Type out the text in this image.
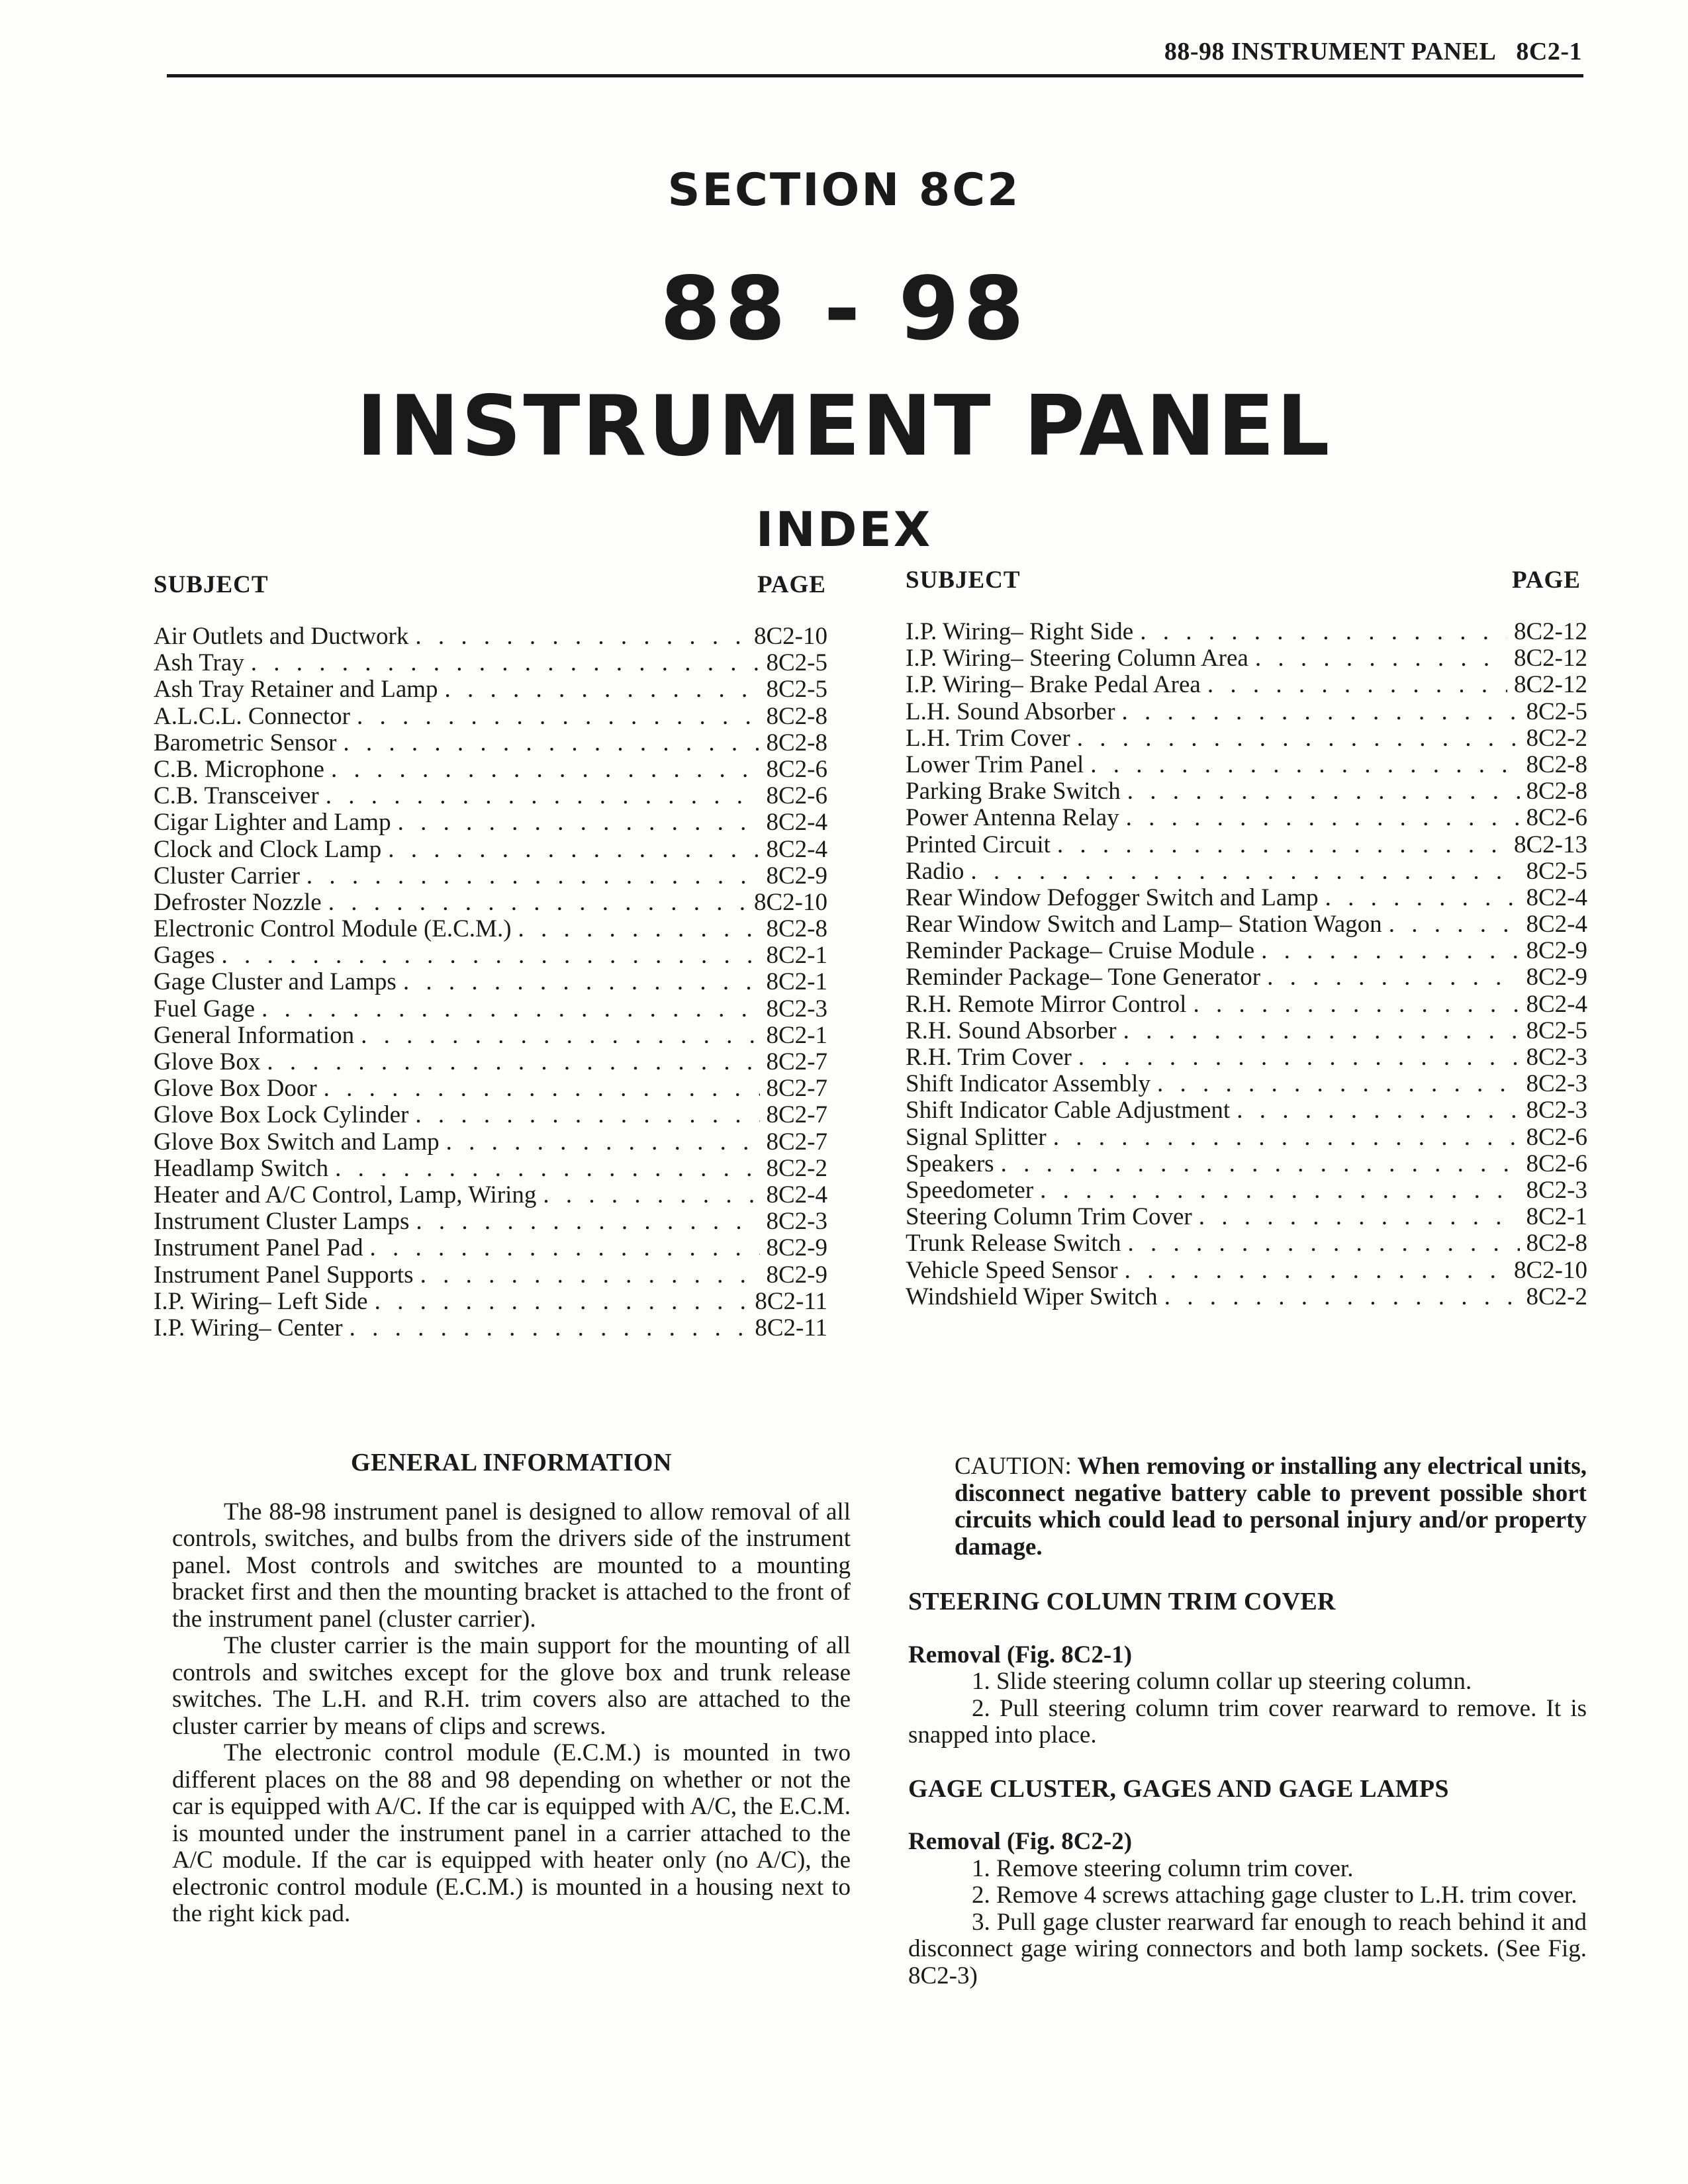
88-98 INSTRUMENT PANEL 8C2-1
SECTION 8C2
88 - 98
INSTRUMENT PANEL
INDEX
SUBJECT	PAGE
Air Outlets and Ductwork . . .	8C2-10
Ash Tray . . .	8C2-5
Ash Tray Retainer and Lamp . . .	8C2-5
A.L.C.L. Connector . . .	8C2-8
Barometric Sensor . . .	8C2-8
C.B. Microphone . . .	8C2-6
C.B. Transceiver . . .	8C2-6
Cigar Lighter and Lamp . . .	8C2-4
Clock and Clock Lamp . . .	8C2-4
Cluster Carrier . . .	8C2-9
Defroster Nozzle . . .	8C2-10
Electronic Control Module (E.C.M.) . . .	8C2-8
Gages . . .	8C2-1
Gage Cluster and Lamps . . .	8C2-1
Fuel Gage . . .	8C2-3
General Information . . .	8C2-1
Glove Box . . .	8C2-7
Glove Box Door . . .	8C2-7
Glove Box Lock Cylinder . . .	8C2-7
Glove Box Switch and Lamp . . .	8C2-7
Headlamp Switch . . .	8C2-2
Heater and A/C Control, Lamp, Wiring . . .	8C2-4
Instrument Cluster Lamps . . .	8C2-3
Instrument Panel Pad . . .	8C2-9
Instrument Panel Supports . . .	8C2-9
I.P. Wiring– Left Side . . .	8C2-11
I.P. Wiring– Center . . .	8C2-11
SUBJECT	PAGE
I.P. Wiring– Right Side . . .	8C2-12
I.P. Wiring– Steering Column Area . . .	8C2-12
I.P. Wiring– Brake Pedal Area . . .	8C2-12
L.H. Sound Absorber . . .	8C2-5
L.H. Trim Cover . . .	8C2-2
Lower Trim Panel . . .	8C2-8
Parking Brake Switch . . .	8C2-8
Power Antenna Relay . . .	8C2-6
Printed Circuit . . .	8C2-13
Radio . . .	8C2-5
Rear Window Defogger Switch and Lamp . . .	8C2-4
Rear Window Switch and Lamp– Station Wagon . . .	8C2-4
Reminder Package– Cruise Module . . .	8C2-9
Reminder Package– Tone Generator . . .	8C2-9
R.H. Remote Mirror Control . . .	8C2-4
R.H. Sound Absorber . . .	8C2-5
R.H. Trim Cover . . .	8C2-3
Shift Indicator Assembly . . .	8C2-3
Shift Indicator Cable Adjustment . . .	8C2-3
Signal Splitter . . .	8C2-6
Speakers . . .	8C2-6
Speedometer . . .	8C2-3
Steering Column Trim Cover . . .	8C2-1
Trunk Release Switch . . .	8C2-8
Vehicle Speed Sensor . . .	8C2-10
Windshield Wiper Switch . . .	8C2-2
GENERAL INFORMATION

The 88-98 instrument panel is designed to allow removal of all controls, switches, and bulbs from the drivers side of the instrument panel. Most controls and switches are mounted to a mounting bracket first and then the mounting bracket is attached to the front of the instrument panel (cluster carrier).

The cluster carrier is the main support for the mounting of all controls and switches except for the glove box and trunk release switches. The L.H. and R.H. trim covers also are attached to the cluster carrier by means of clips and screws.

The electronic control module (E.C.M.) is mounted in two different places on the 88 and 98 depending on whether or not the car is equipped with A/C. If the car is equipped with A/C, the E.C.M. is mounted under the instrument panel in a carrier attached to the A/C module. If the car is equipped with heater only (no A/C), the electronic control module (E.C.M.) is mounted in a housing next to the right kick pad.

CAUTION: When removing or installing any electrical units, disconnect negative battery cable to prevent possible short circuits which could lead to personal injury and/or property damage.

STEERING COLUMN TRIM COVER

Removal (Fig. 8C2-1)

1. Slide steering column collar up steering column.

2. Pull steering column trim cover rearward to remove. It is snapped into place.

GAGE CLUSTER, GAGES AND GAGE LAMPS

Removal (Fig. 8C2-2)

1. Remove steering column trim cover.

2. Remove 4 screws attaching gage cluster to L.H. trim cover.

3. Pull gage cluster rearward far enough to reach behind it and disconnect gage wiring connectors and both lamp sockets. (See Fig. 8C2-3)
